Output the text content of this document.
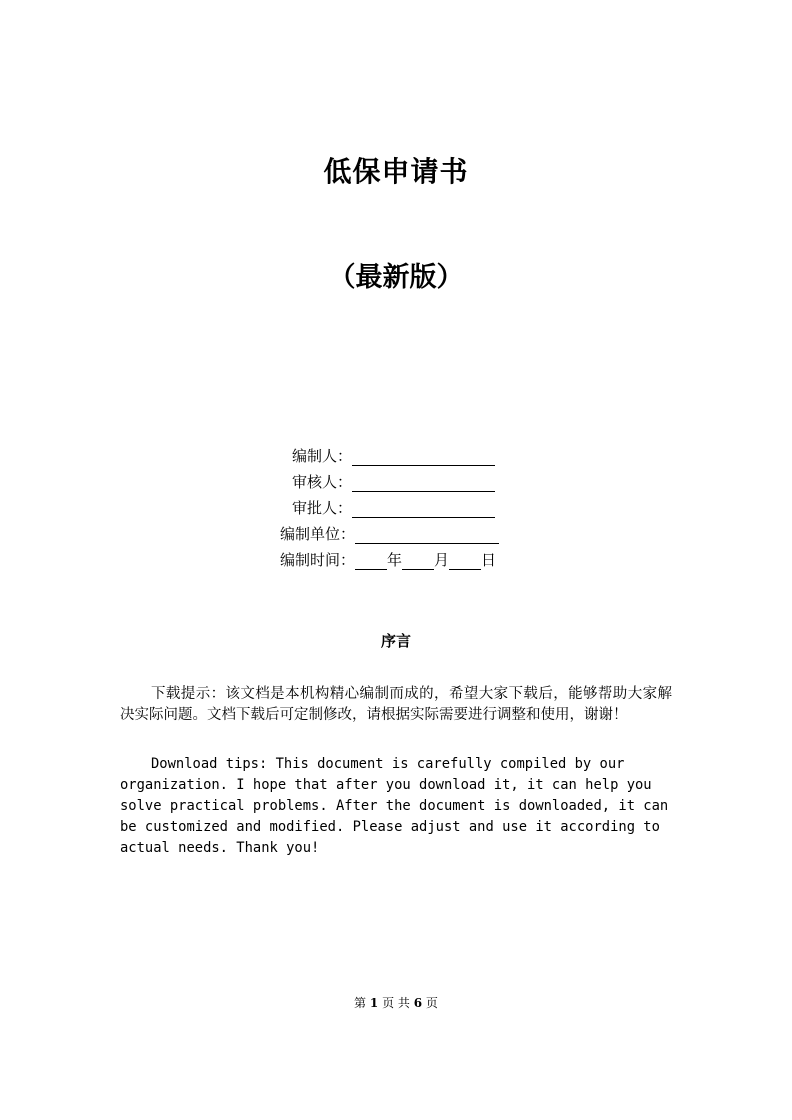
低保申请书
（最新版）
编制人：
审核人：
审批人：
编制单位：
编制时间： 年 月 日
序言
下载提示：该文档是本机构精心编制而成的，希望大家下载后，能够帮助大家解决实际问题。文档下载后可定制修改，请根据实际需要进行调整和使用，谢谢！
Download tips: This document is carefully compiled by our organization. I hope that after you download it, it can help you solve practical problems. After the document is downloaded, it can be customized and modified. Please adjust and use it according to actual needs. Thank you!
第 1 页 共 6 页
